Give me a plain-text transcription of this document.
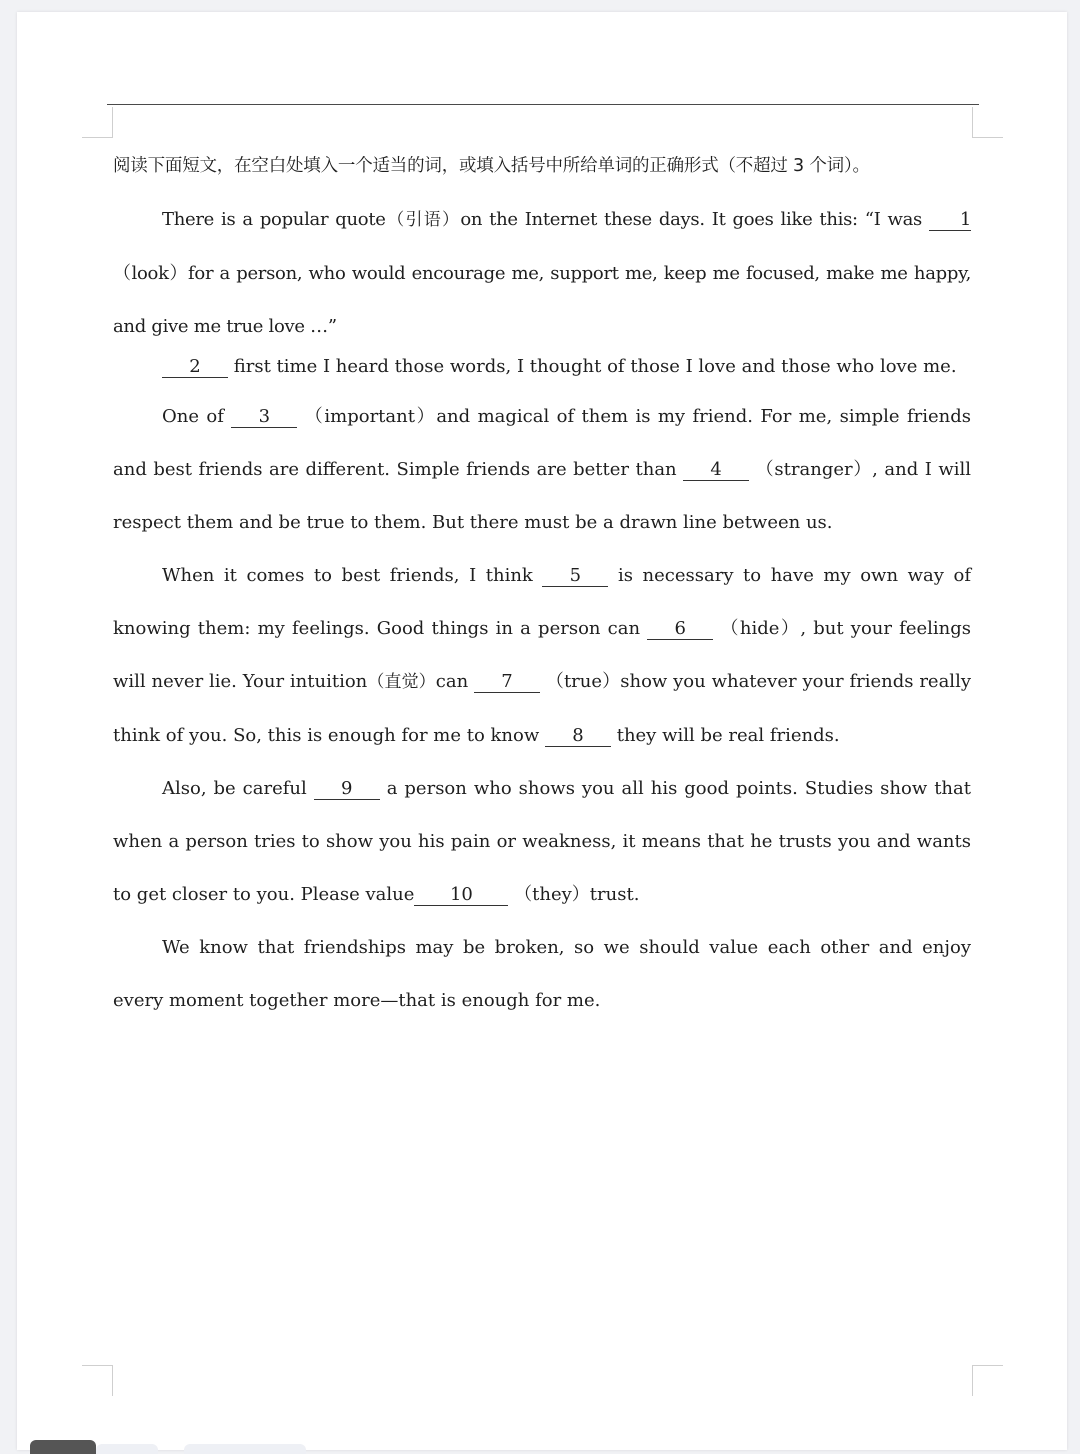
阅读下面短文，在空白处填入一个适当的词，或填入括号中所给单词的正确形式（不超过 3 个词）。

There is a popular quote（引语）on the Internet these days. It goes like this: “I was 1 （look）for a person, who would encourage me, support me, keep me focused, make me happy, and give me true love …”

2 first time I heard those words, I thought of those I love and those who love me.

One of 3 （important）and magical of them is my friend. For me, simple friends and best friends are different. Simple friends are better than 4 （stranger）, and I will respect them and be true to them. But there must be a drawn line between us.

When it comes to best friends, I think 5 is necessary to have my own way of knowing them: my feelings. Good things in a person can 6 （hide）, but your feelings will never lie. Your intuition（直觉）can 7 （true）show you whatever your friends really think of you. So, this is enough for me to know 8 they will be real friends.

Also, be careful 9 a person who shows you all his good points. Studies show that when a person tries to show you his pain or weakness, it means that he trusts you and wants to get closer to you. Please value 10 （they）trust.

We know that friendships may be broken, so we should value each other and enjoy every moment together more—that is enough for me.
